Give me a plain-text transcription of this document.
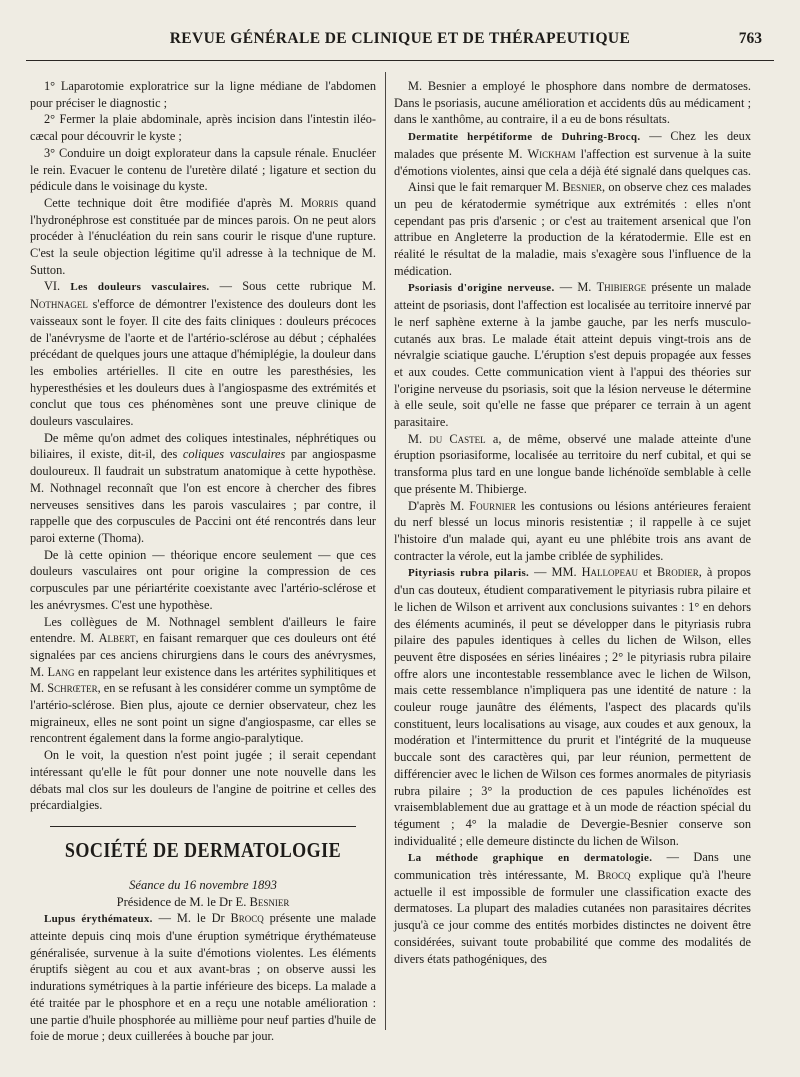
REVUE GÉNÉRALE DE CLINIQUE ET DE THÉRAPEUTIQUE	763

1° Laparotomie exploratrice sur la ligne médiane de l'abdomen pour préciser le diagnostic ;

2° Fermer la plaie abdominale, après incision dans l'intestin iléo-cæcal pour découvrir le kyste ;

3° Conduire un doigt explorateur dans la capsule rénale. Enucléer le rein. Evacuer le contenu de l'uretère dilaté ; ligature et section du pédicule dans le voisinage du kyste.

Cette technique doit être modifiée d'après M. Morris quand l'hydronéphrose est constituée par de minces parois. On ne peut alors procéder à l'énucléation du rein sans courir le risque d'une rupture. C'est la seule objection légitime qu'il adresse à la technique de M. Sutton.

VI. Les douleurs vasculaires. — Sous cette rubrique M. Nothnagel s'efforce de démontrer l'existence des douleurs dont les vaisseaux sont le foyer. Il cite des faits cliniques : douleurs précoces de l'anévrysme de l'aorte et de l'artério-sclérose au début ; céphalées précédant de quelques jours une attaque d'hémiplégie, la douleur dans les embolies artérielles. Il cite en outre les paresthésies, les hyperesthésies et les douleurs dues à l'angiospasme des extrémités et conclut que tous ces phénomènes sont une preuve clinique de douleurs vasculaires.

De même qu'on admet des coliques intestinales, néphrétiques ou biliaires, il existe, dit-il, des coliques vasculaires par angiospasme douloureux. Il faudrait un substratum anatomique à cette hypothèse. M. Nothnagel reconnaît que l'on est encore à chercher des fibres nerveuses sensitives dans les parois vasculaires ; par contre, il rappelle que des corpuscules de Paccini ont été rencontrés dans leur paroi externe (Thoma).

De là cette opinion — théorique encore seulement — que ces douleurs vasculaires ont pour origine la compression de ces corpuscules par une périartérite coexistante avec l'artério-sclérose et les anévrysmes. C'est une hypothèse.

Les collègues de M. Nothnagel semblent d'ailleurs le faire entendre. M. Albert, en faisant remarquer que ces douleurs ont été signalées par ces anciens chirurgiens dans le cours des anévrysmes, M. Lang en rappelant leur existence dans les artérites syphilitiques et M. Schrœter, en se refusant à les considérer comme un symptôme de l'artério-sclérose. Bien plus, ajoute ce dernier observateur, chez les migraineux, elles ne sont point un signe d'angiospasme, car elles se rencontrent également dans la forme angio-paralytique.

On le voit, la question n'est point jugée ; il serait cependant intéressant qu'elle le fût pour donner une note nouvelle dans les débats mal clos sur les douleurs de l'angine de poitrine et celles des précardialgies.

SOCIÉTÉ DE DERMATOLOGIE

Séance du 16 novembre 1893

Présidence de M. le Dr E. Besnier

Lupus érythémateux. — M. le Dr Brocq présente une malade atteinte depuis cinq mois d'une éruption symétrique érythémateuse généralisée, survenue à la suite d'émotions violentes. Les éléments éruptifs siègent au cou et aux avant-bras ; on observe aussi les indurations symétriques à la partie inférieure des biceps. La malade a été traitée par le phosphore et en a reçu une notable amélioration : une partie d'huile phosphorée au millième pour neuf parties d'huile de foie de morue ; deux cuillerées à bouche par jour.

M. Besnier a employé le phosphore dans nombre de dermatoses. Dans le psoriasis, aucune amélioration et accidents dûs au médicament ; dans le xanthôme, au contraire, il a eu de bons résultats.

Dermatite herpétiforme de Duhring-Brocq. — Chez les deux malades que présente M. Wickham l'affection est survenue à la suite d'émotions violentes, ainsi que cela a déjà été signalé dans quelques cas.

Ainsi que le fait remarquer M. Besnier, on observe chez ces malades un peu de kératodermie symétrique aux extrémités : elles n'ont cependant pas pris d'arsenic ; or c'est au traitement arsenical que l'on attribue en Angleterre la production de la kératodermie. Elle est en réalité le résultat de la maladie, mais s'exagère sous l'influence de la médication.

Psoriasis d'origine nerveuse. — M. Thibierge présente un malade atteint de psoriasis, dont l'affection est localisée au territoire innervé par le nerf saphène externe à la jambe gauche, par les nerfs musculo-cutanés aux bras. Le malade était atteint depuis vingt-trois ans de névralgie sciatique gauche. L'éruption s'est depuis propagée aux fesses et aux coudes. Cette communication vient à l'appui des théories sur l'origine nerveuse du psoriasis, soit que la lésion nerveuse le détermine à elle seule, soit qu'elle ne fasse que préparer ce terrain à un agent parasitaire.

M. du Castel a, de même, observé une malade atteinte d'une éruption psoriasiforme, localisée au territoire du nerf cubital, et qui se transforma plus tard en une longue bande lichénoïde semblable à celle que présente M. Thibierge.

D'après M. Fournier les contusions ou lésions antérieures feraient du nerf blessé un locus minoris resistentiæ ; il rappelle à ce sujet l'histoire d'un malade qui, ayant eu une phlébite trois ans avant de contracter la vérole, eut la jambe criblée de syphilides.

Pityriasis rubra pilaris. — MM. Hallopeau et Brodier, à propos d'un cas douteux, étudient comparativement le pityriasis rubra pilaire et le lichen de Wilson et arrivent aux conclusions suivantes : 1° en dehors des éléments acuminés, il peut se développer dans le pityriasis rubra pilaire des papules identiques à celles du lichen de Wilson, elles peuvent être disposées en séries linéaires ; 2° le pityriasis rubra pilaire offre alors une incontestable ressemblance avec le lichen de Wilson, mais cette ressemblance n'impliquera pas une identité de nature : la couleur rouge jaunâtre des éléments, l'aspect des placards qu'ils constituent, leurs localisations au visage, aux coudes et aux genoux, la modération et l'intermittence du prurit et l'intégrité de la muqueuse buccale sont des caractères qui, par leur réunion, permettent de différencier avec le lichen de Wilson ces formes anormales de pityriasis rubra pilaire ; 3° la production de ces papules lichénoïdes est vraisemblablement due au grattage et à un mode de réaction spécial du tégument ; 4° la maladie de Devergie-Besnier conserve son individualité ; elle demeure distincte du lichen de Wilson.

La méthode graphique en dermatologie. — Dans une communication très intéressante, M. Brocq explique qu'à l'heure actuelle il est impossible de formuler une classification exacte des dermatoses. La plupart des maladies cutanées non parasitaires décrites jusqu'à ce jour comme des entités morbides distinctes ne doivent être considérées, suivant toute probabilité que comme des modalités de divers états pathogéniques, des
